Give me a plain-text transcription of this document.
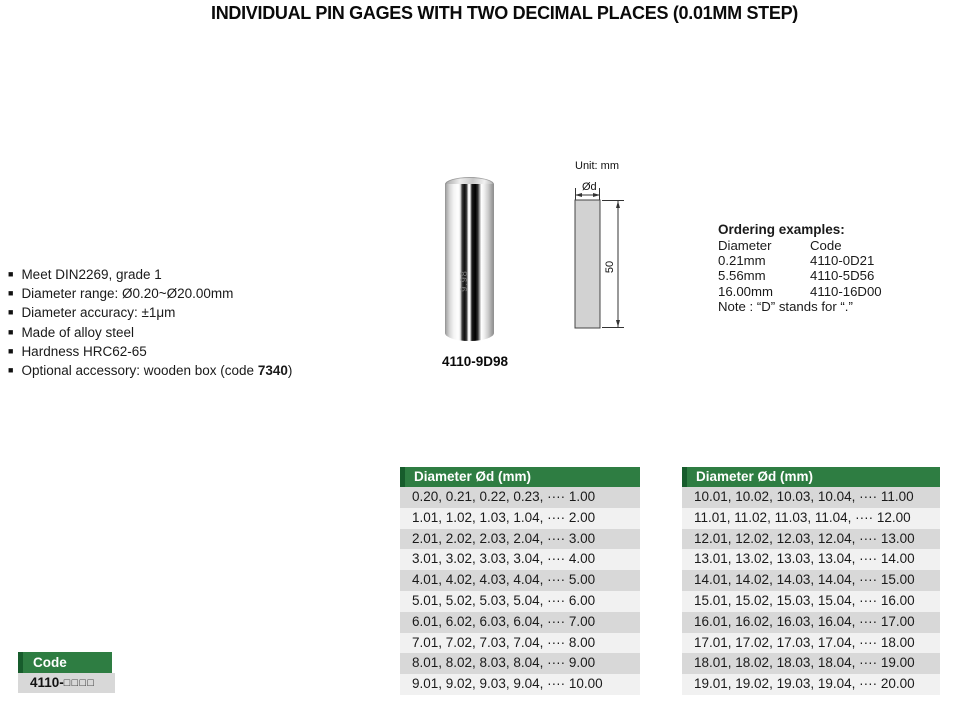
INDIVIDUAL PIN GAGES WITH TWO DECIMAL PLACES (0.01MM STEP)
■ Meet DIN2269, grade 1
■ Diameter range: Ø0.20~Ø20.00mm
■ Diameter accuracy: ±1μm
■ Made of alloy steel
■ Hardness HRC62-65
■ Optional accessory: wooden box (code 7340)
9.98
4110-9D98
Unit: mm
Ød
50
Ordering examples:
Diameter	Code
0.21mm	4110-0D21
5.56mm	4110-5D56
16.00mm	4110-16D00
Note : “D” stands for “.”
Diameter Ød (mm)
0.20, 0.21, 0.22, 0.23, ···· 1.00
1.01, 1.02, 1.03, 1.04, ···· 2.00
2.01, 2.02, 2.03, 2.04, ···· 3.00
3.01, 3.02, 3.03, 3.04, ···· 4.00
4.01, 4.02, 4.03, 4.04, ···· 5.00
5.01, 5.02, 5.03, 5.04, ···· 6.00
6.01, 6.02, 6.03, 6.04, ···· 7.00
7.01, 7.02, 7.03, 7.04, ···· 8.00
8.01, 8.02, 8.03, 8.04, ···· 9.00
9.01, 9.02, 9.03, 9.04, ···· 10.00
Diameter Ød (mm)
10.01, 10.02, 10.03, 10.04, ···· 11.00
11.01, 11.02, 11.03, 11.04, ···· 12.00
12.01, 12.02, 12.03, 12.04, ···· 13.00
13.01, 13.02, 13.03, 13.04, ···· 14.00
14.01, 14.02, 14.03, 14.04, ···· 15.00
15.01, 15.02, 15.03, 15.04, ···· 16.00
16.01, 16.02, 16.03, 16.04, ···· 17.00
17.01, 17.02, 17.03, 17.04, ···· 18.00
18.01, 18.02, 18.03, 18.04, ···· 19.00
19.01, 19.02, 19.03, 19.04, ···· 20.00
Code
4110-□□□□
